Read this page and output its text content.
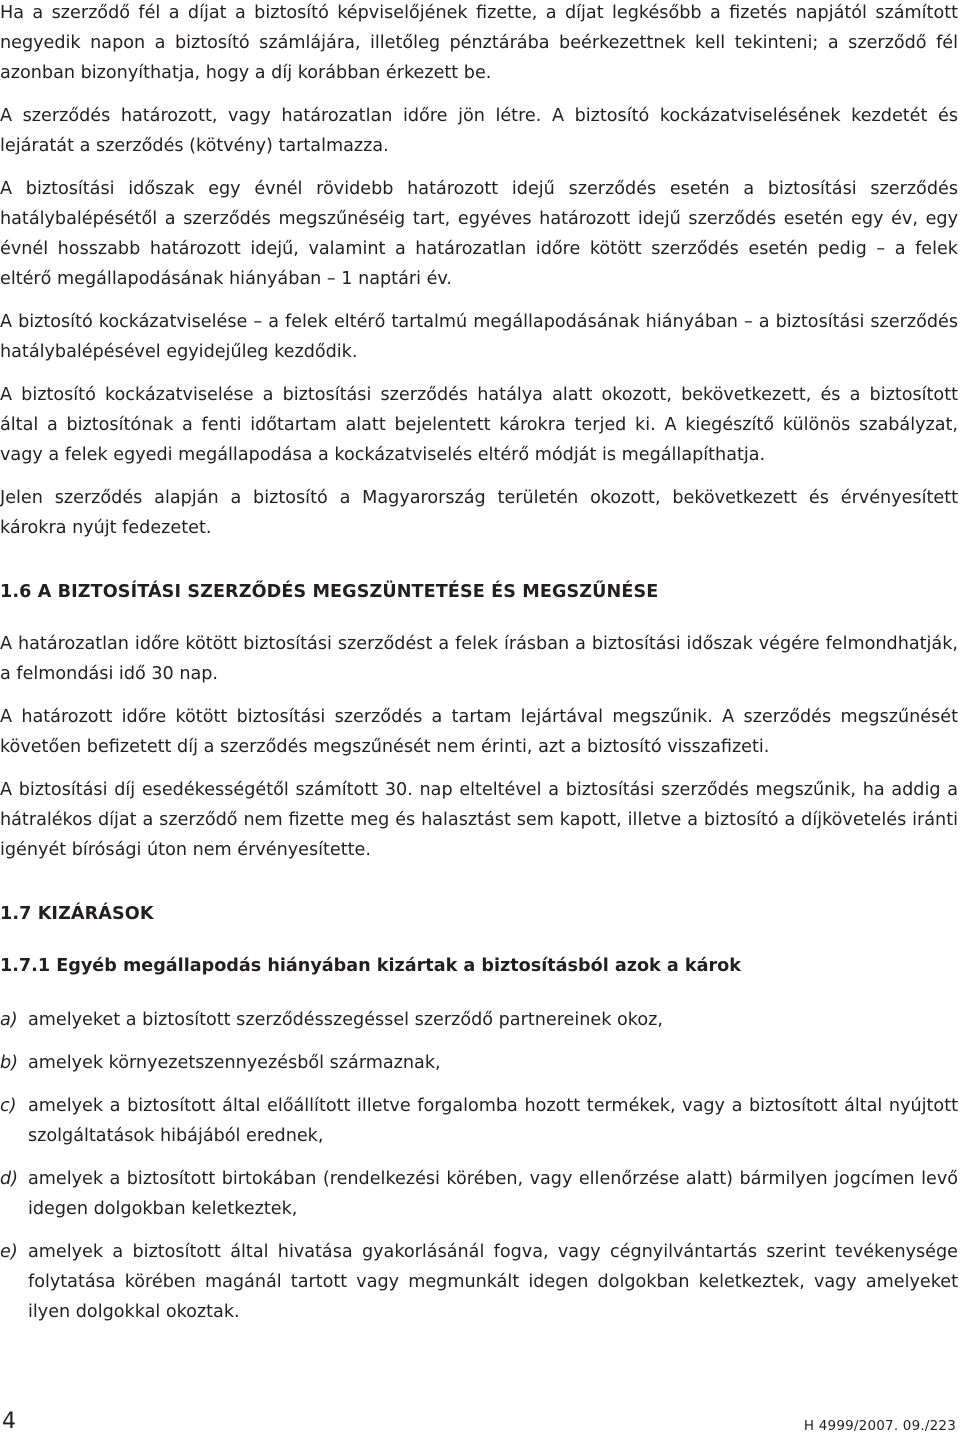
Ha a szerződő fél a díjat a biztosító képviselőjének fizette, a díjat legkésőbb a fizetés napjától számított negyedik napon a biztosító számlájára, illetőleg pénztárába beérkezettnek kell tekinteni; a szerződő fél azonban bizonyíthatja, hogy a díj korábban érkezett be.

A szerződés határozott, vagy határozatlan időre jön létre. A biztosító kockázatviselésének kezdetét és lejáratát a szerződés (kötvény) tartalmazza.

A biztosítási időszak egy évnél rövidebb határozott idejű szerződés esetén a biztosítási szerződés hatálybalépésétől a szerződés megszűnéséig tart, egyéves határozott idejű szerződés esetén egy év, egy évnél hosszabb határozott idejű, valamint a határozatlan időre kötött szerződés esetén pedig – a felek eltérő megállapodásának hiányában – 1 naptári év.

A biztosító kockázatviselése – a felek eltérő tartalmú megállapodásának hiányában – a biztosítási szerződés hatálybalépésével egyidejűleg kezdődik.

A biztosító kockázatviselése a biztosítási szerződés hatálya alatt okozott, bekövetkezett, és a biztosított által a biztosítónak a fenti időtartam alatt bejelentett károkra terjed ki. A kiegészítő különös szabályzat, vagy a felek egyedi megállapodása a kockázatviselés eltérő módját is megállapíthatja.

Jelen szerződés alapján a biztosító a Magyarország területén okozott, bekövetkezett és érvényesített károkra nyújt fedezetet.

1.6 A BIZTOSÍTÁSI SZERZŐDÉS MEGSZÜNTETÉSE ÉS MEGSZŰNÉSE

A határozatlan időre kötött biztosítási szerződést a felek írásban a biztosítási időszak végére felmondhatják, a felmondási idő 30 nap.

A határozott időre kötött biztosítási szerződés a tartam lejártával megszűnik. A szerződés megszűnését követően befizetett díj a szerződés megszűnését nem érinti, azt a biztosító visszafizeti.

A biztosítási díj esedékességétől számított 30. nap elteltével a biztosítási szerződés megszűnik, ha addig a hátralékos díjat a szerződő nem fizette meg és halasztást sem kapott, illetve a biztosító a díjkövetelés iránti igényét bírósági úton nem érvényesítette.

1.7 KIZÁRÁSOK
1.7.1 Egyéb megállapodás hiányában kizártak a biztosításból azok a károk
a) amelyeket a biztosított szerződésszegéssel szerződő partnereinek okoz,
b) amelyek környezetszennyezésből származnak,
c) amelyek a biztosított által előállított illetve forgalomba hozott termékek, vagy a biztosított által nyújtott szolgáltatások hibájából erednek,
d) amelyek a biztosított birtokában (rendelkezési körében, vagy ellenőrzése alatt) bármilyen jogcímen levő idegen dolgokban keletkeztek,
e) amelyek a biztosított által hivatása gyakorlásánál fogva, vagy cégnyilvántartás szerint tevékenysége folytatása körében magánál tartott vagy megmunkált idegen dolgokban keletkeztek, vagy amelyeket ilyen dolgokkal okoztak.
4	H 4999/2007. 09./223
